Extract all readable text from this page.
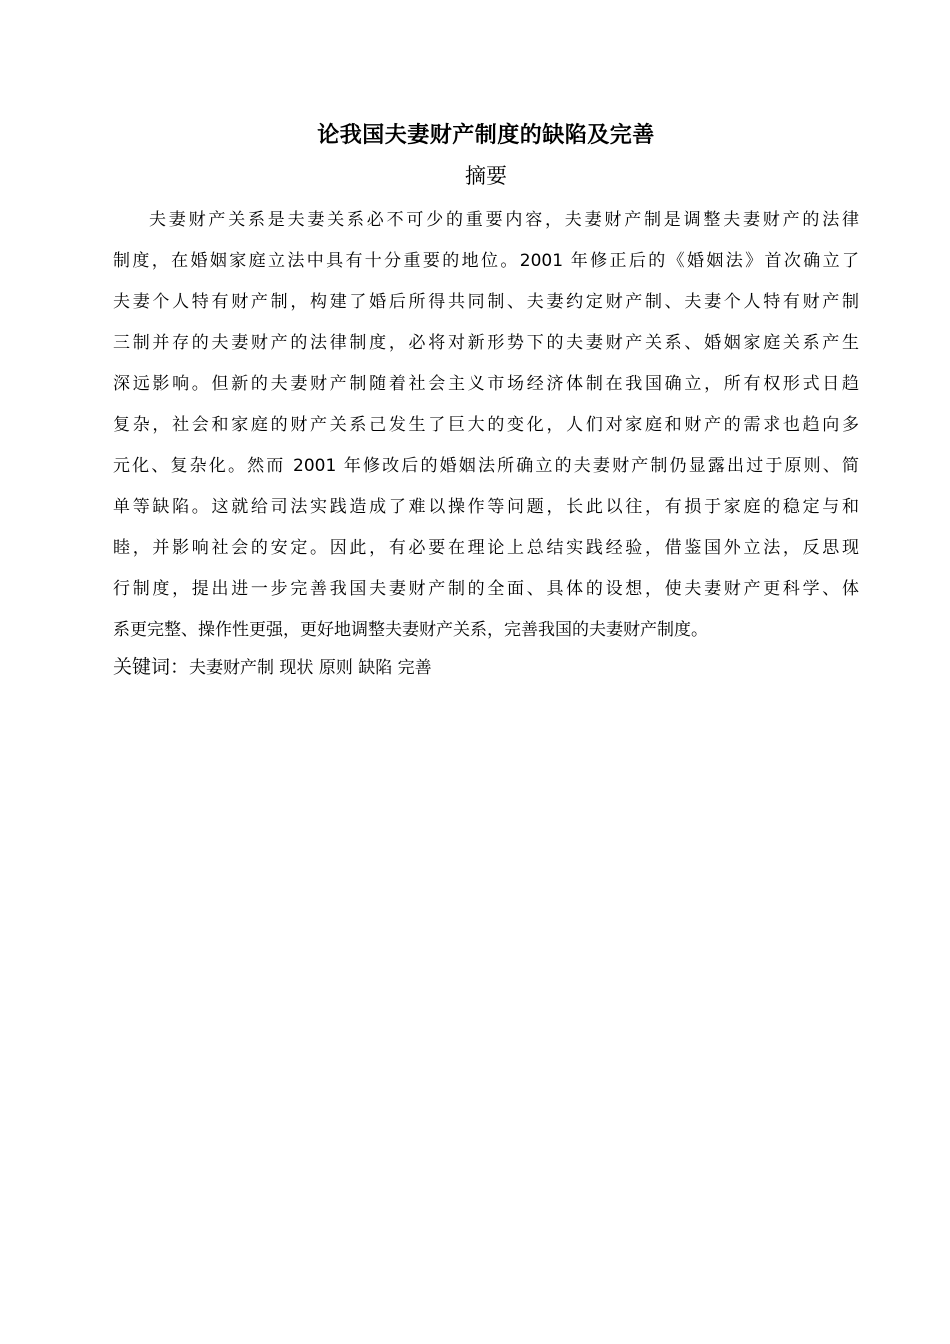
论我国夫妻财产制度的缺陷及完善
摘要
夫妻财产关系是夫妻关系必不可少的重要内容，夫妻财产制是调整夫妻财产的法律
制度，在婚姻家庭立法中具有十分重要的地位。2001 年修正后的《婚姻法》首次确立了
夫妻个人特有财产制，构建了婚后所得共同制、夫妻约定财产制、夫妻个人特有财产制
三制并存的夫妻财产的法律制度，必将对新形势下的夫妻财产关系、婚姻家庭关系产生
深远影响。但新的夫妻财产制随着社会主义市场经济体制在我国确立，所有权形式日趋
复杂，社会和家庭的财产关系己发生了巨大的变化，人们对家庭和财产的需求也趋向多
元化、复杂化。然而 2001 年修改后的婚姻法所确立的夫妻财产制仍显露出过于原则、简
单等缺陷。这就给司法实践造成了难以操作等问题，长此以往，有损于家庭的稳定与和
睦，并影响社会的安定。因此，有必要在理论上总结实践经验，借鉴国外立法，反思现
行制度，提出进一步完善我国夫妻财产制的全面、具体的设想，使夫妻财产更科学、体
系更完整、操作性更强，更好地调整夫妻财产关系，完善我国的夫妻财产制度。
关键词：夫妻财产制 现状 原则 缺陷 完善
